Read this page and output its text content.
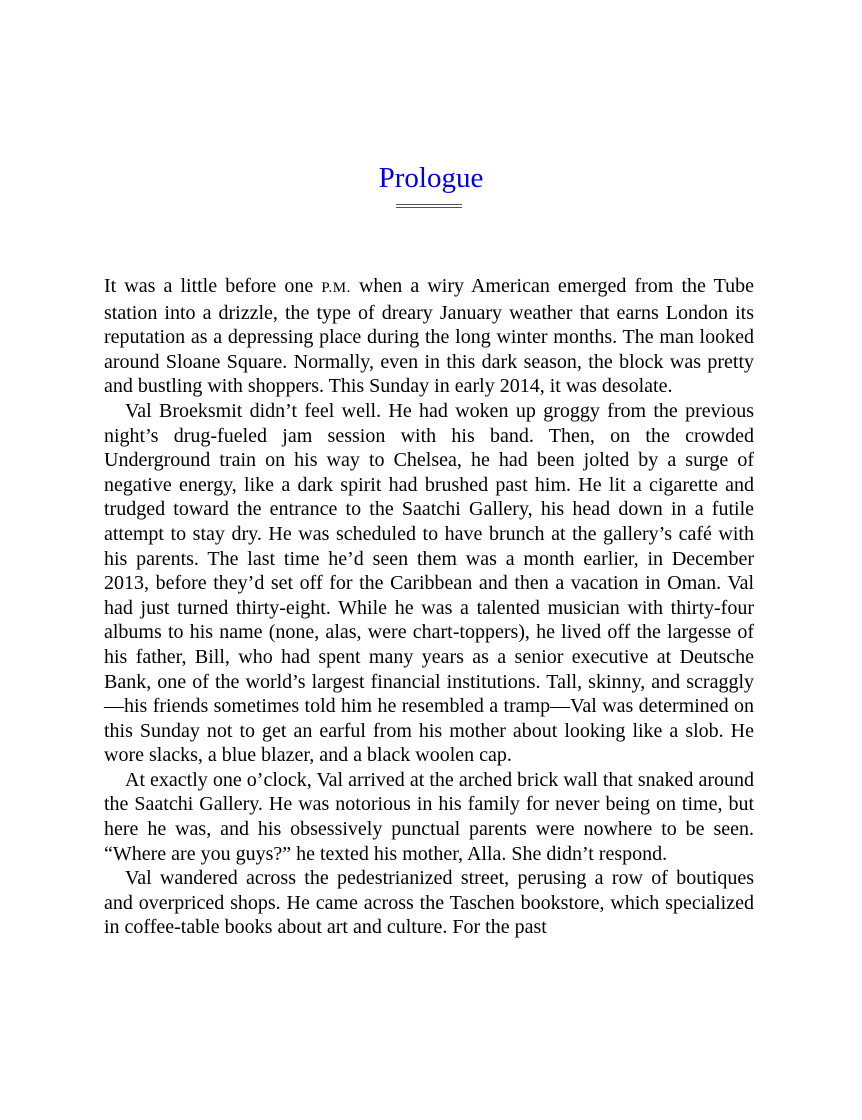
Prologue

It was a little before one P.M. when a wiry American emerged from the Tube station into a drizzle, the type of dreary January weather that earns London its reputation as a depressing place during the long winter months. The man looked around Sloane Square. Normally, even in this dark season, the block was pretty and bustling with shoppers. This Sunday in early 2014, it was desolate.

Val Broeksmit didn’t feel well. He had woken up groggy from the previous night’s drug-fueled jam session with his band. Then, on the crowded Underground train on his way to Chelsea, he had been jolted by a surge of negative energy, like a dark spirit had brushed past him. He lit a cigarette and trudged toward the entrance to the Saatchi Gallery, his head down in a futile attempt to stay dry. He was scheduled to have brunch at the gallery’s café with his parents. The last time he’d seen them was a month earlier, in December 2013, before they’d set off for the Caribbean and then a vacation in Oman. Val had just turned thirty-eight. While he was a talented musician with thirty-four albums to his name (none, alas, were chart-toppers), he lived off the largesse of his father, Bill, who had spent many years as a senior executive at Deutsche Bank, one of the world’s largest financial institutions. Tall, skinny, and scraggly—his friends sometimes told him he resembled a tramp—Val was determined on this Sunday not to get an earful from his mother about looking like a slob. He wore slacks, a blue blazer, and a black woolen cap.

At exactly one o’clock, Val arrived at the arched brick wall that snaked around the Saatchi Gallery. He was notorious in his family for never being on time, but here he was, and his obsessively punctual parents were nowhere to be seen. “Where are you guys?” he texted his mother, Alla. She didn’t respond.

Val wandered across the pedestrianized street, perusing a row of boutiques and overpriced shops. He came across the Taschen bookstore, which specialized in coffee-table books about art and culture. For the past
